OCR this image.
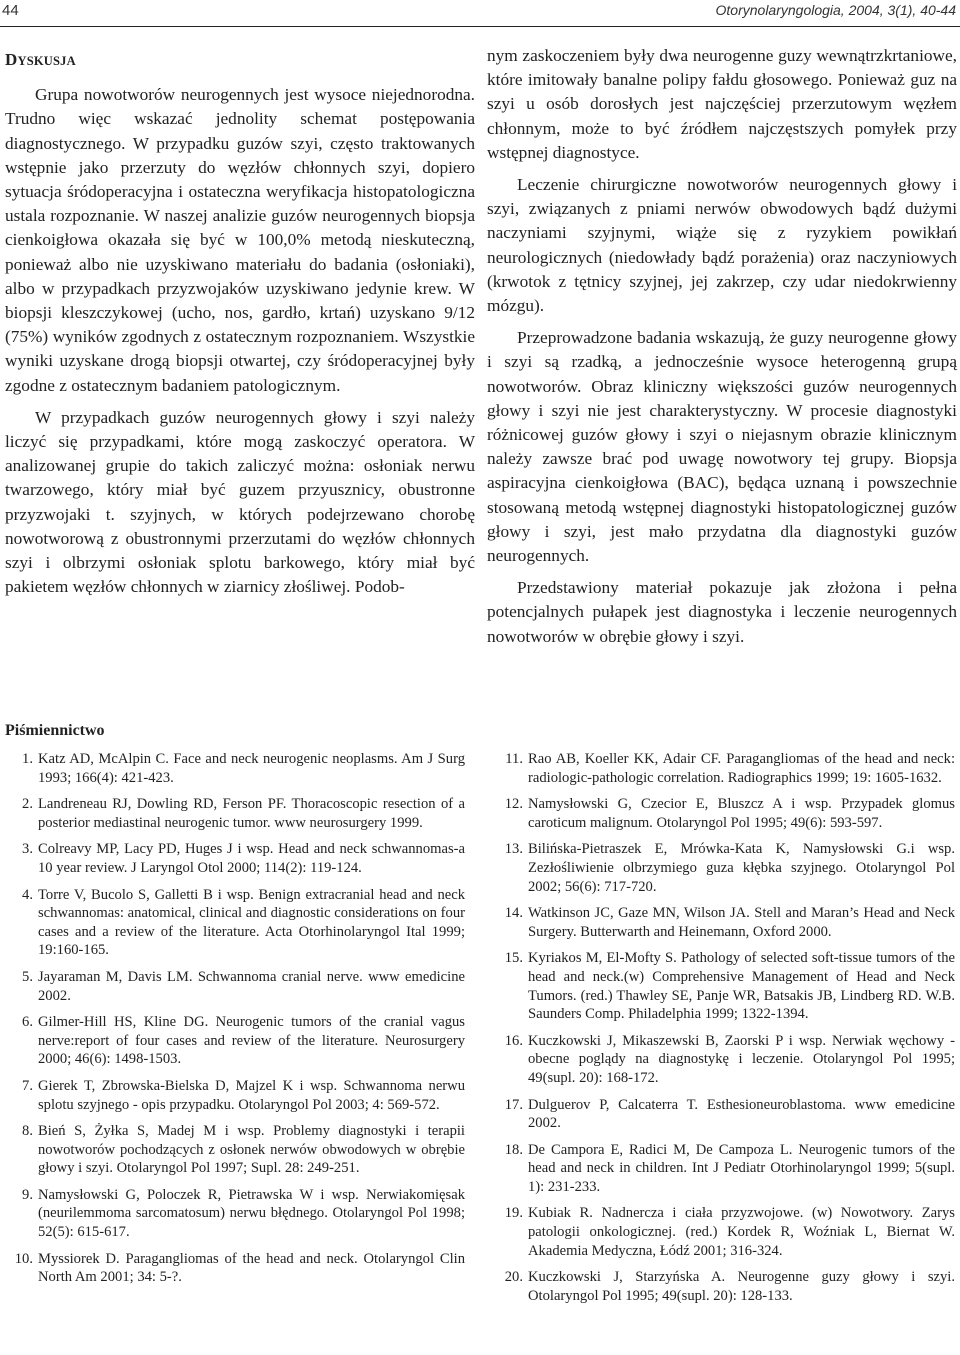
44	Otorynolaryngologia, 2004, 3(1), 40-44
DYSKUSJA

Grupa nowotworów neurogennych jest wysoce niejednorodna. Trudno więc wskazać jednolity schemat postępowania diagnostycznego. W przypadku guzów szyi, często traktowanych wstępnie jako przerzuty do węzłów chłonnych szyi, dopiero sytuacja śródoperacyjna i ostateczna weryfikacja histopatologiczna ustala rozpoznanie. W naszej analizie guzów neurogennych biopsja cienkoigłowa okazała się być w 100,0% metodą nieskuteczną, ponieważ albo nie uzyskiwano materiału do badania (osłoniaki), albo w przypadkach przyzwojaków uzyskiwano jedynie krew. W biopsji kleszczykowej (ucho, nos, gardło, krtań) uzyskano 9/12 (75%) wyników zgodnych z ostatecznym rozpoznaniem. Wszystkie wyniki uzyskane drogą biopsji otwartej, czy śródoperacyjnej były zgodne z ostatecznym badaniem patologicznym.

W przypadkach guzów neurogennych głowy i szyi należy liczyć się przypadkami, które mogą zaskoczyć operatora. W analizowanej grupie do takich zaliczyć można: osłoniak nerwu twarzowego, który miał być guzem przyusznicy, obustronne przyzwojaki t. szyjnych, w których podejrzewano chorobę nowotworową z obustronnymi przerzutami do węzłów chłonnych szyi i olbrzymi osłoniak splotu barkowego, który miał być pakietem węzłów chłonnych w ziarnicy złośliwej. Podob-

nym zaskoczeniem były dwa neurogenne guzy wewnątrzkrtaniowe, które imitowały banalne polipy fałdu głosowego. Ponieważ guz na szyi u osób dorosłych jest najczęściej przerzutowym węzłem chłonnym, może to być źródłem najczęstszych pomyłek przy wstępnej diagnostyce.

Leczenie chirurgiczne nowotworów neurogennych głowy i szyi, związanych z pniami nerwów obwodowych bądź dużymi naczyniami szyjnymi, wiąże się z ryzykiem powikłań neurologicznych (niedowłady bądź porażenia) oraz naczyniowych (krwotok z tętnicy szyjnej, jej zakrzep, czy udar niedokrwienny mózgu).

Przeprowadzone badania wskazują, że guzy neurogenne głowy i szyi są rzadką, a jednocześnie wysoce heterogenną grupą nowotworów. Obraz kliniczny większości guzów neurogennych głowy i szyi nie jest charakterystyczny. W procesie diagnostyki różnicowej guzów głowy i szyi o niejasnym obrazie klinicznym należy zawsze brać pod uwagę nowotwory tej grupy. Biopsja aspiracyjna cienkoigłowa (BAC), będąca uznaną i powszechnie stosowaną metodą wstępnej diagnostyki histopatologicznej guzów głowy i szyi, jest mało przydatna dla diagnostyki guzów neurogennych.

Przedstawiony materiał pokazuje jak złożona i pełna potencjalnych pułapek jest diagnostyka i leczenie neurogennych nowotworów w obrębie głowy i szyi.

Piśmiennictwo
1. Katz AD, McAlpin C. Face and neck neurogenic neoplasms. Am J Surg 1993; 166(4): 421-423.
2. Landreneau RJ, Dowling RD, Ferson PF. Thoracoscopic resection of a posterior mediastinal neurogenic tumor. www neurosurgery 1999.
3. Colreavy MP, Lacy PD, Huges J i wsp. Head and neck schwannomas-a 10 year review. J Laryngol Otol 2000; 114(2): 119-124.
4. Torre V, Bucolo S, Galletti B i wsp. Benign extracranial head and neck schwannomas: anatomical, clinical and diagnostic considerations on four cases and a review of the literature. Acta Otorhinolaryngol Ital 1999; 19:160-165.
5. Jayaraman M, Davis LM. Schwannoma cranial nerve. www emedicine 2002.
6. Gilmer-Hill HS, Kline DG. Neurogenic tumors of the cranial vagus nerve:report of four cases and review of the literature. Neurosurgery 2000; 46(6): 1498-1503.
7. Gierek T, Zbrowska-Bielska D, Majzel K i wsp. Schwannoma nerwu splotu szyjnego - opis przypadku. Otolaryngol Pol 2003; 4: 569-572.
8. Bień S, Żyłka S, Madej M i wsp. Problemy diagnostyki i terapii nowotworów pochodzących z osłonek nerwów obwodowych w obrębie głowy i szyi. Otolaryngol Pol 1997; Supl. 28: 249-251.
9. Namysłowski G, Poloczek R, Pietrawska W i wsp. Nerwiakomięsak (neurilemmoma sarcomatosum) nerwu błędnego. Otolaryngol Pol 1998; 52(5): 615-617.
10. Myssiorek D. Paragangliomas of the head and neck. Otolaryngol Clin North Am 2001; 34: 5-?.
11. Rao AB, Koeller KK, Adair CF. Paragangliomas of the head and neck: radiologic-pathologic correlation. Radiographics 1999; 19: 1605-1632.
12. Namysłowski G, Czecior E, Bluszcz A i wsp. Przypadek glomus caroticum malignum. Otolaryngol Pol 1995; 49(6): 593-597.
13. Bilińska-Pietraszek E, Mrówka-Kata K, Namysłowski G.i wsp. Zezłośliwienie olbrzymiego guza kłębka szyjnego. Otolaryngol Pol 2002; 56(6): 717-720.
14. Watkinson JC, Gaze MN, Wilson JA. Stell and Maran’s Head and Neck Surgery. Butterwarth and Heinemann, Oxford 2000.
15. Kyriakos M, El-Mofty S. Pathology of selected soft-tissue tumors of the head and neck.(w) Comprehensive Management of Head and Neck Tumors. (red.) Thawley SE, Panje WR, Batsakis JB, Lindberg RD. W.B. Saunders Comp. Philadelphia 1999; 1322-1394.
16. Kuczkowski J, Mikaszewski B, Zaorski P i wsp. Nerwiak węchowy - obecne poglądy na diagnostykę i leczenie. Otolaryngol Pol 1995; 49(supl. 20): 168-172.
17. Dulguerov P, Calcaterra T. Esthesioneuroblastoma. www emedicine 2002.
18. De Campora E, Radici M, De Campoza L. Neurogenic tumors of the head and neck in children. Int J Pediatr Otorhinolaryngol 1999; 5(supl. 1): 231-233.
19. Kubiak R. Nadnercza i ciała przyzwojowe. (w) Nowotwory. Zarys patologii onkologicznej. (red.) Kordek R, Woźniak L, Biernat W. Akademia Medyczna, Łódź 2001; 316-324.
20. Kuczkowski J, Starzyńska A. Neurogenne guzy głowy i szyi. Otolaryngol Pol 1995; 49(supl. 20): 128-133.
